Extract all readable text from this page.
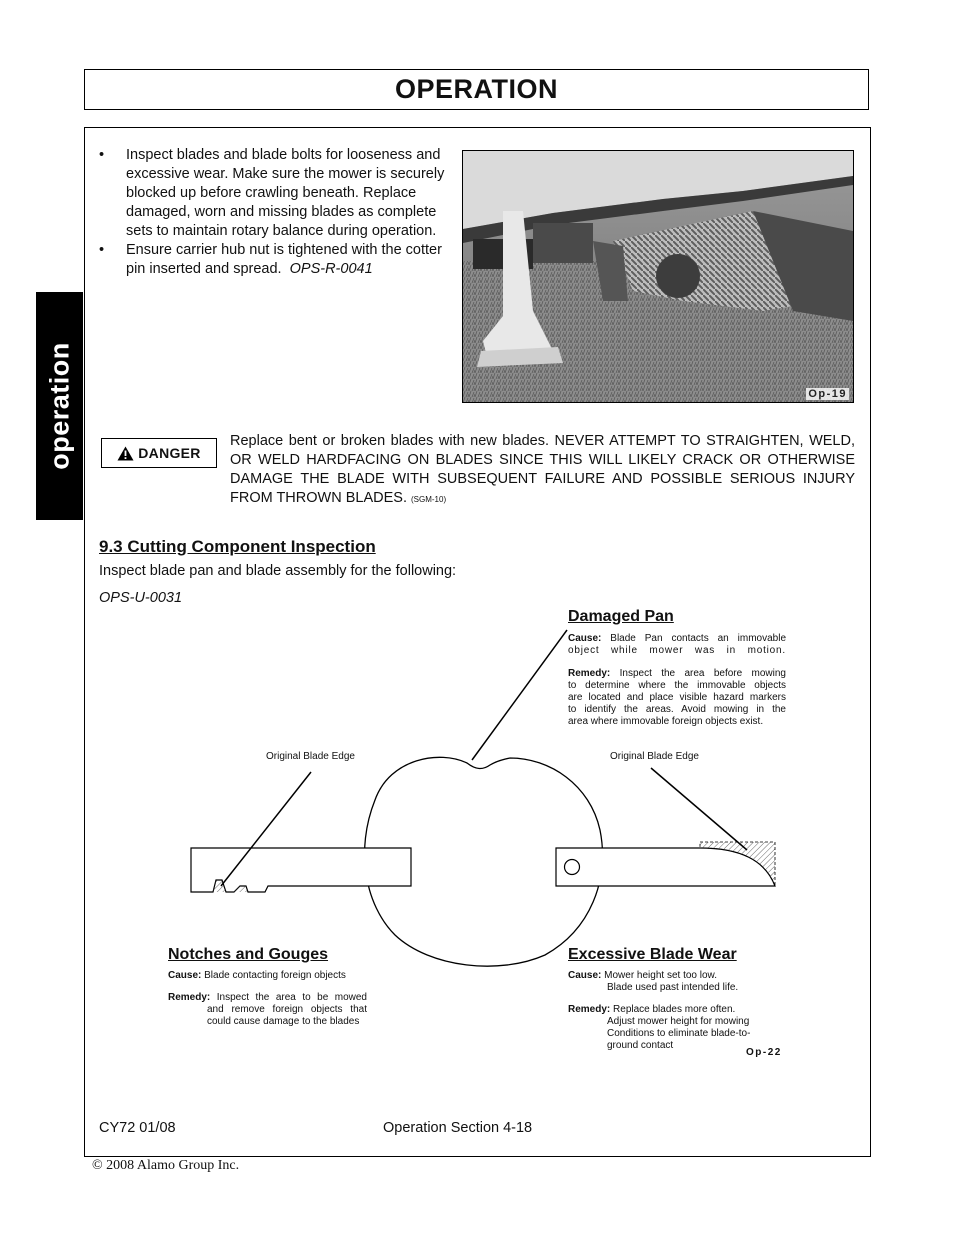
OPERATION
operation
•	Inspect blades and blade bolts for looseness and excessive wear. Make sure the mower is securely blocked up before crawling beneath. Replace damaged, worn and missing blades as complete sets to maintain rotary balance during operation.
•	Ensure carrier hub nut is tightened with the cotter pin inserted and spread. OPS-R-0041
Op-19
DANGER
Replace bent or broken blades with new blades. NEVER ATTEMPT TO STRAIGHTEN, WELD, OR WELD HARDFACING ON BLADES SINCE THIS WILL LIKELY CRACK OR OTHERWISE DAMAGE THE BLADE WITH SUBSEQUENT FAILURE AND POSSIBLE SERIOUS INJURY FROM THROWN BLADES. (SGM-10)
9.3 Cutting Component Inspection
Inspect blade pan and blade assembly for the following:
OPS-U-0031
Damaged Pan
Cause: Blade Pan contacts an immovable
object while mower was in motion.
Remedy: Inspect the area before mowing
to determine where the immovable objects
are located and place visible hazard markers
to identify the areas. Avoid mowing in the
area where immovable foreign objects exist.
Original Blade Edge	Original Blade Edge
Notches and Gouges
Cause: Blade contacting foreign objects
Remedy: Inspect the area to be mowed
and remove foreign objects that
could cause damage to the blades
Excessive Blade Wear
Cause: Mower height set too low.
Blade used past intended life.
Remedy: Replace blades more often.
Adjust mower height for mowing
Conditions to eliminate blade-to-
ground contact
Op-22
CY72 01/08	Operation Section 4-18
© 2008 Alamo Group Inc.
